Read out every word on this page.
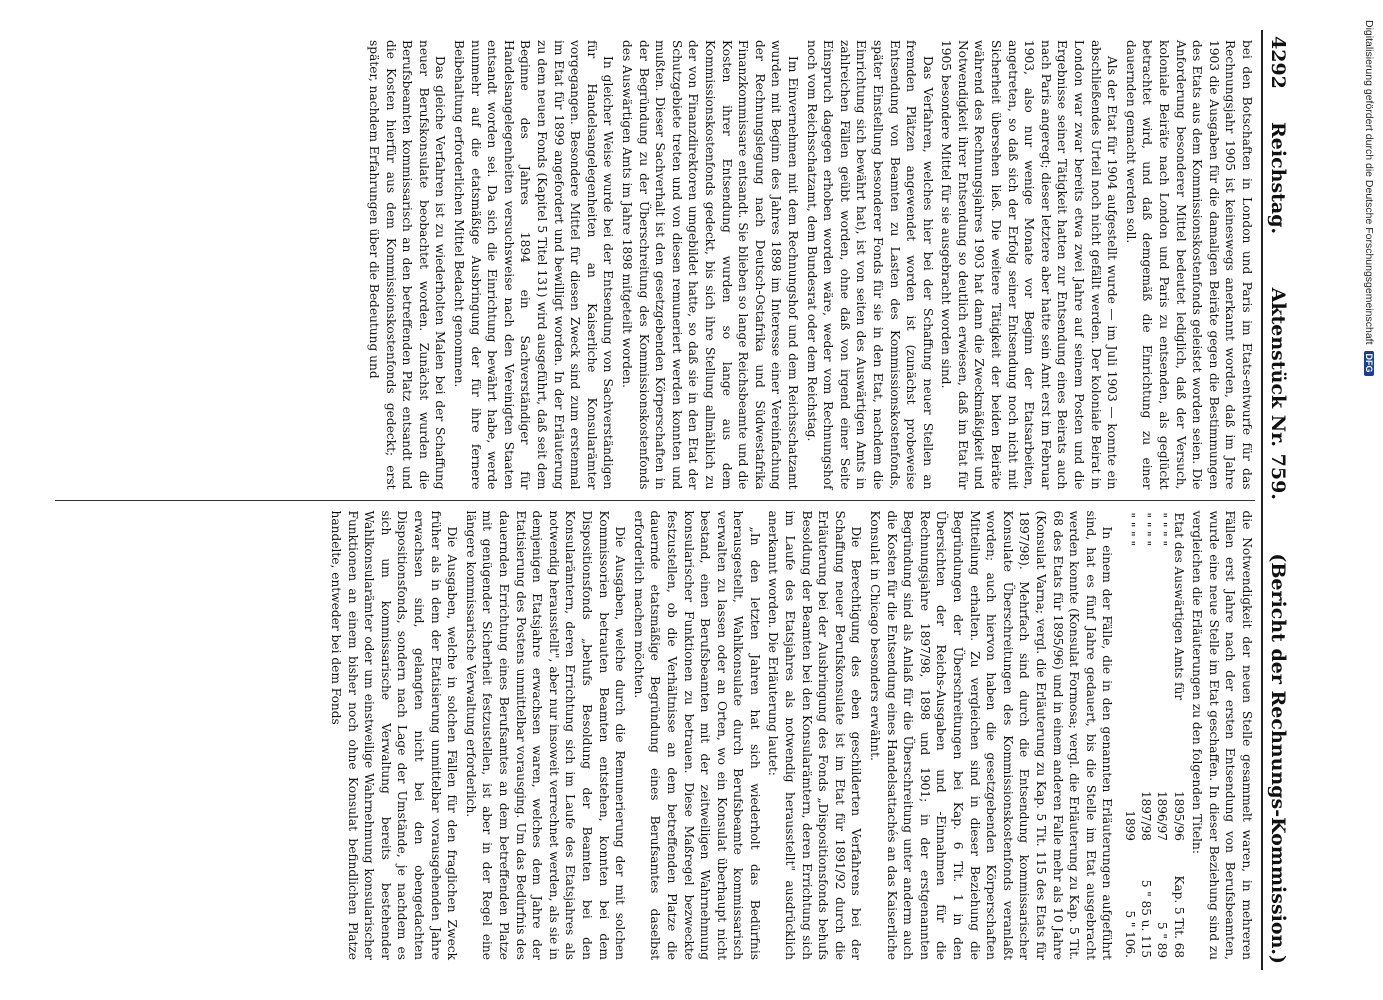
4292     Reichstag.
Aktenstück Nr. 759.
(Bericht der Rechnungs-Kommission.)

bei den Botschaften in London und Paris im Etats-entwurfe für das Rechnungsjahr 1905 ist keineswegs anerkannt worden, daß im Jahre 1903 die Ausgaben für die damaligen Beiräte gegen die Bestimmungen des Etats aus dem Kommissionskostenfonds geleistet worden seien. Die Anforderung besonderer Mittel bedeutet lediglich, daß der Versuch, koloniale Beiräte nach London und Paris zu entsenden, als geglückt betrachtet wird, und daß demgemäß die Einrichtung zu einer dauernden gemacht werden soll.

Als der Etat für 1904 aufgestellt wurde — im Juli 1903 — konnte ein abschließendes Urteil noch nicht gefällt werden. Der koloniale Beirat in London war zwar bereits etwa zwei Jahre auf seinem Posten und die Ergebnisse seiner Tätigkeit hatten zur Entsendung eines Beirats auch nach Paris angeregt; dieser letztere aber hatte sein Amt erst im Februar 1903, also nur wenige Monate vor Beginn der Etatsarbeiten, angetreten, so daß sich der Erfolg seiner Entsendung noch nicht mit Sicherheit übersehen ließ. Die weitere Tätigkeit der beiden Beiräte während des Rechnungsjahres 1903 hat dann die Zweckmäßigkeit und Notwendigkeit ihrer Entsendung so deutlich erwiesen, daß im Etat für 1905 besondere Mittel für sie ausgebracht worden sind.

Das Verfahren, welches hier bei der Schaffung neuer Stellen an fremden Plätzen angewendet worden ist (zunächst probeweise Entsendung von Beamten zu Lasten des Kommissionskostenfonds, später Einstellung besonderer Fonds für sie in den Etat, nachdem die Einrichtung sich bewährt hat), ist von seiten des Auswärtigen Amts in zahlreichen Fällen geübt worden, ohne daß von irgend einer Seite Einspruch dagegen erhoben worden wäre, weder vom Rechnungshof noch vom Reichsschatzamt, dem Bundesrat oder dem Reichstag.

Im Einvernehmen mit dem Rechnungshof und dem Reichsschatzamt wurden mit Beginn des Jahres 1898 im Interesse einer Vereinfachung der Rechnungslegung nach Deutsch-Ostafrika und Südwestafrika Finanzkommissare entsandt. Sie blieben so lange Reichsbeamte und die Kosten ihrer Entsendung wurden so lange aus dem Kommissionskostenfonds gedeckt, bis sich ihre Stellung allmählich zu der von Finanzdirektoren umgebildet hatte, so daß sie in den Etat der Schutzgebiete treten und von diesen remuneriert werden konnten und mußten. Dieser Sachverhalt ist den gesetzgebenden Körperschaften in der Begründung zu der Überschreitung des Kommissionskostenfonds des Auswärtigen Amts im Jahre 1898 mitgeteilt worden.

In gleicher Weise wurde bei der Entsendung von Sachverständigen für Handelsangelegenheiten an Kaiserliche Konsularämter vorgegangen. Besondere Mittel für diesen Zweck sind zum erstenmal im Etat für 1899 angefordert und bewilligt worden. In der Erläuterung zu dem neuen Fonds (Kapitel 5 Titel 131) wird ausgeführt, daß seit dem Beginne des Jahres 1894 ein Sachverständiger für Handelsangelegenheiten versuchsweise nach den Vereinigten Staaten entsandt worden sei. Da sich die Einrichtung bewährt habe, werde nunmehr auf die etatsmäßige Ausbringung der für ihre fernere Beibehaltung erforderlichen Mittel Bedacht genommen.

Das gleiche Verfahren ist zu wiederholten Malen bei der Schaffung neuer Berufskonsulate beobachtet worden. Zunächst wurden die Berufsbeamten kommissarisch an den betreffenden Platz entsandt und die Kosten hierfür aus dem Kommissionskostenfonds gedeckt; erst später, nachdem Erfahrungen über die Bedeutung und

die Notwendigkeit der neuen Stelle gesammelt waren, in mehreren Fällen erst Jahre nach der ersten Entsendung von Berufsbeamten, wurde eine neue Stelle im Etat geschaffen. In dieser Beziehung sind zu vergleichen die Erläuterungen zu den folgenden Titeln:

Etat des Auswärtigen Amts für	1895/96	Kap. 5 Tit. 68
" " " "	1896/97	5 " 89
" " " "	1897/98	5 " 85 u. 115
" " " "	1899	5 " 106.

In einem der Fälle, die in den genannten Erläuterungen aufgeführt sind, hat es fünf Jahre gedauert, bis die Stelle im Etat ausgebracht werden konnte (Konsulat Formosa; vergl. die Erläuterung zu Kap. 5 Tit. 68 des Etats für 1895/96) und in einem anderen Falle mehr als 10 Jahre (Konsulat Varna; vergl. die Erläuterung zu Kap. 5 Tit. 115 des Etats für 1897/98). Mehrfach sind durch die Entsendung kommissarischer Konsulate Überschreitungen des Kommissionskostenfonds veranlaßt worden; auch hiervon haben die gesetzgebenden Körperschaften Mitteilung erhalten. Zu vergleichen sind in dieser Beziehung die Begründungen der Überschreitungen bei Kap. 6 Tit. 1 in den Übersichten der Reichs-Ausgaben und -Einnahmen für die Rechnungsjahre 1897/98, 1898 und 1901; in der erstgenannten Begründung sind als Anlaß für die Überschreitung unter anderm auch die Kosten für die Entsendung eines Handelsattachés an das Kaiserliche Konsulat in Chicago besonders erwähnt.

Die Berechtigung des eben geschilderten Verfahrens bei der Schaffung neuer Berufskonsulate ist im Etat für 1891/92 durch die Erläuterung bei der Ausbringung des Fonds „Dispositionsfonds behufs Besoldung der Beamten bei den Konsularämtern, deren Errichtung sich im Laufe des Etatsjahres als notwendig herausstellt" ausdrücklich anerkannt worden. Die Erläuterung lautet:

„In den letzten Jahren hat sich wiederholt das Bedürfnis herausgestellt, Wahlkonsulate durch Berufsbeamte kommissarisch verwalten zu lassen oder an Orten, wo ein Konsulat überhaupt nicht bestand, einen Berufsbeamten mit der zeitweiligen Wahrnehmung konsularischer Funktionen zu betrauen. Diese Maßregel bezweckte festzustellen, ob die Verhältnisse an dem betreffenden Platze die dauernde etatsmäßige Begründung eines Berufsamtes daselbst erforderlich machen möchten.

Die Ausgaben, welche durch die Remunerierung der mit solchen Kommissorien betrauten Beamten entstehen, konnten bei dem Dispositionsfonds „behufs Besoldung der Beamten bei den Konsularämtern, deren Errichtung sich im Laufe des Etatsjahres als notwendig herausstellt", aber nur insoweit verrechnet werden, als sie in demjenigen Etatsjahre erwachsen waren, welches dem Jahre der Etatisierung des Postens unmittelbar vorausging. Um das Bedürfnis des dauernden Errichtung eines Berufsamtes an dem betreffenden Platze mit genügender Sicherheit festzustellen, ist aber in der Regel eine längere kommissarische Verwaltung erforderlich.

Die Ausgaben, welche in solchen Fällen für den fraglichen Zweck früher als in dem der Etatisierung unmittelbar vorausgehenden Jahre erwachsen sind, gelangten nicht bei den obengedachten Dispositionsfonds, sondern nach Lage der Umstände, je nachdem es sich um kommissarische Verwaltung bereits bestehender Wahlkonsularämter oder um einstweilige Wahrnehmung konsularischer Funktionen an einem bisher noch ohne Konsulat befindlichen Platze handelte, entweder bei dem Fonds

Digitalisierung gefördert durch die Deutsche Forschungsgemeinschaft
DFG
